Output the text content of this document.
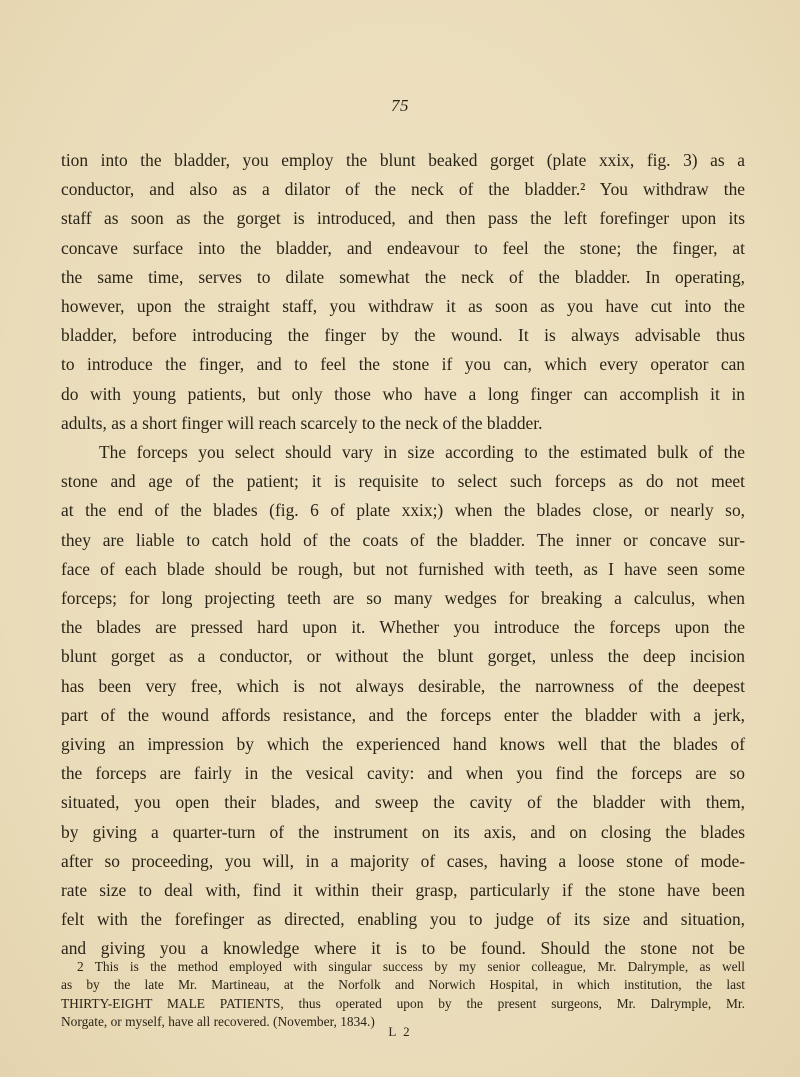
75

tion into the bladder, you employ the blunt beaked gorget (plate xxix, fig. 3) as a

conductor, and also as a dilator of the neck of the bladder.² You withdraw the

staff as soon as the gorget is introduced, and then pass the left forefinger upon its

concave surface into the bladder, and endeavour to feel the stone; the finger, at

the same time, serves to dilate somewhat the neck of the bladder. In operating,

however, upon the straight staff, you withdraw it as soon as you have cut into the

bladder, before introducing the finger by the wound. It is always advisable thus

to introduce the finger, and to feel the stone if you can, which every operator can

do with young patients, but only those who have a long finger can accomplish it in

adults, as a short finger will reach scarcely to the neck of the bladder.

The forceps you select should vary in size according to the estimated bulk of the

stone and age of the patient; it is requisite to select such forceps as do not meet

at the end of the blades (fig. 6 of plate xxix;) when the blades close, or nearly so,

they are liable to catch hold of the coats of the bladder. The inner or concave sur-

face of each blade should be rough, but not furnished with teeth, as I have seen some

forceps; for long projecting teeth are so many wedges for breaking a calculus, when

the blades are pressed hard upon it. Whether you introduce the forceps upon the

blunt gorget as a conductor, or without the blunt gorget, unless the deep incision

has been very free, which is not always desirable, the narrowness of the deepest

part of the wound affords resistance, and the forceps enter the bladder with a jerk,

giving an impression by which the experienced hand knows well that the blades of

the forceps are fairly in the vesical cavity: and when you find the forceps are so

situated, you open their blades, and sweep the cavity of the bladder with them,

by giving a quarter-turn of the instrument on its axis, and on closing the blades

after so proceeding, you will, in a majority of cases, having a loose stone of mode-

rate size to deal with, find it within their grasp, particularly if the stone have been

felt with the forefinger as directed, enabling you to judge of its size and situation,

and giving you a knowledge where it is to be found. Should the stone not be

2 This is the method employed with singular success by my senior colleague, Mr. Dalrymple, as well

as by the late Mr. Martineau, at the Norfolk and Norwich Hospital, in which institution, the last

THIRTY-EIGHT MALE PATIENTS, thus operated upon by the present surgeons, Mr. Dalrymple, Mr.

Norgate, or myself, have all recovered. (November, 1834.)

L 2
